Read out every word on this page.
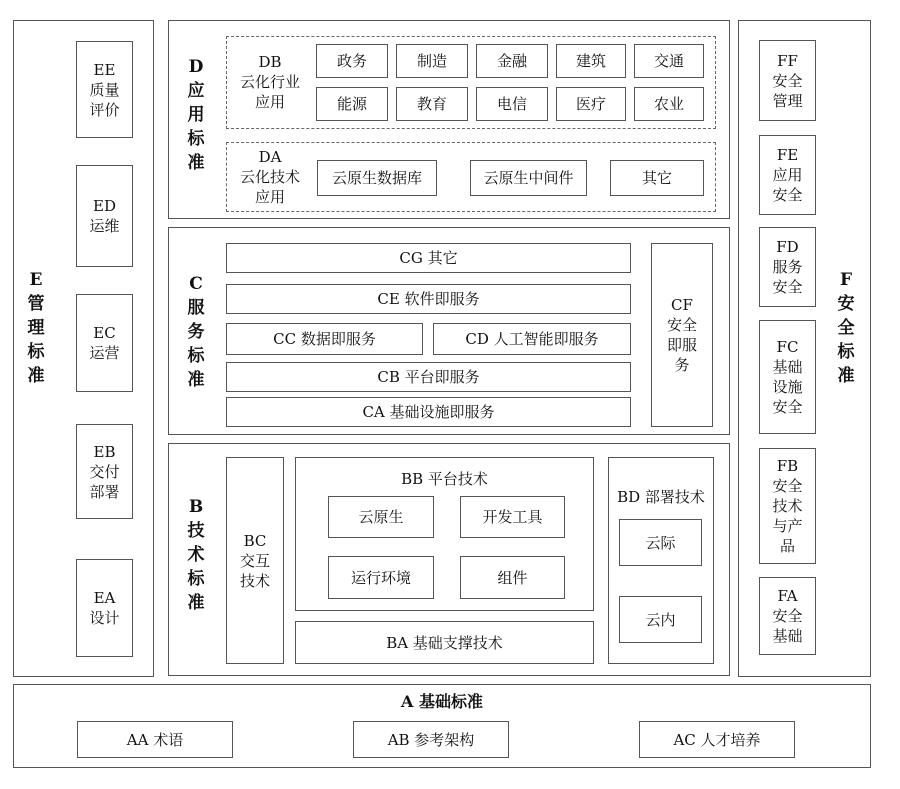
E
管
理
标
准
EE
质量
评价
ED
运维
EC
运营
EB
交付
部署
EA
设计
F
安
全
标
准
FF
安全
管理
FE
应用
安全
FD
服务
安全
FC
基础
设施
安全
FB
安全
技术
与产
品
FA
安全
基础
D
应
用
标
准
DB
云化行业
应用
政务	制造	金融	建筑	交通
能源	教育	电信	医疗	农业
DA
云化技术
应用
云原生数据库	云原生中间件	其它
C
服
务
标
准
CG 其它
CE 软件即服务
CC 数据即服务	CD 人工智能即服务
CB 平台即服务
CA 基础设施即服务
CF
安全
即服
务
B
技
术
标
准
BC
交互
技术
BB 平台技术
云原生	开发工具
运行环境	组件
BA 基础支撑技术
BD 部署技术
云际
云内
A 基础标准
AA 术语	AB 参考架构	AC 人才培养
